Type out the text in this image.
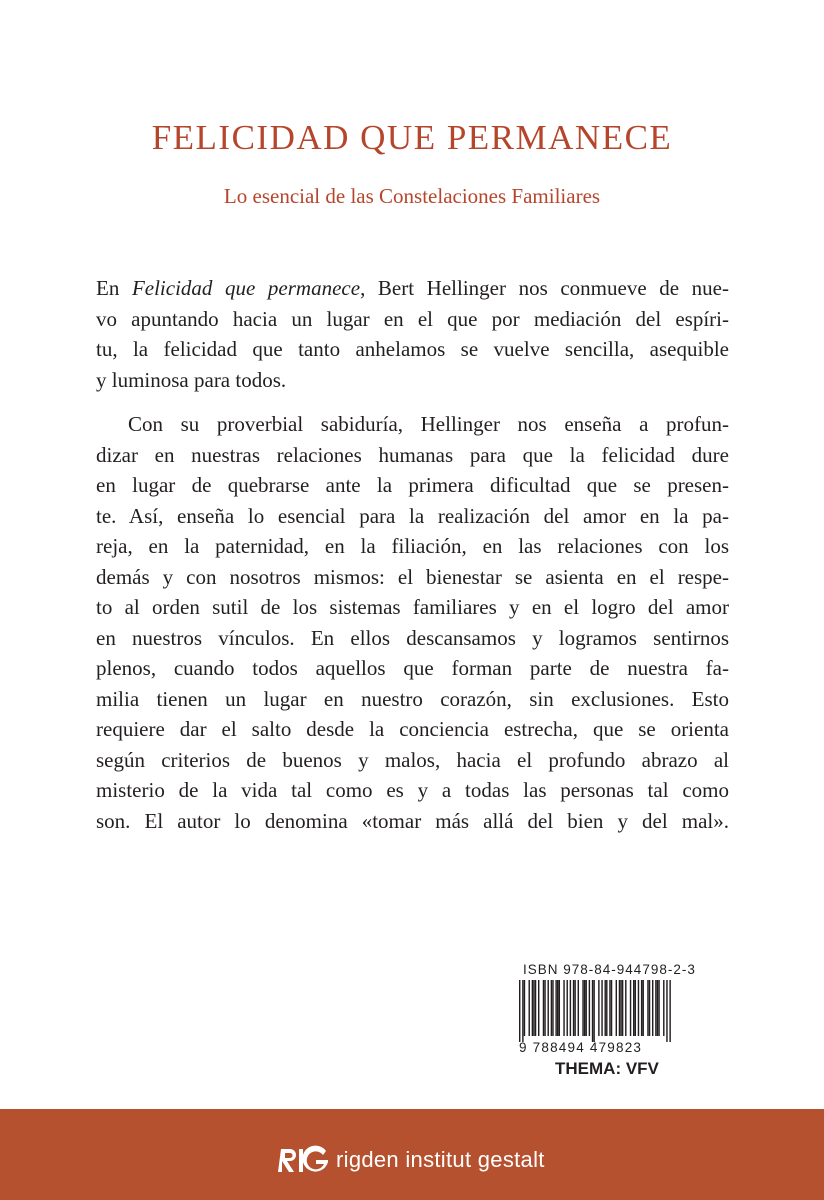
FELICIDAD QUE PERMANECE

Lo esencial de las Constelaciones Familiares

En Felicidad que permanece, Bert Hellinger nos conmueve de nue-
vo apuntando hacia un lugar en el que por mediación del espíri-
tu, la felicidad que tanto anhelamos se vuelve sencilla, asequible
y luminosa para todos.
Con su proverbial sabiduría, Hellinger nos enseña a profun-
dizar en nuestras relaciones humanas para que la felicidad dure
en lugar de quebrarse ante la primera dificultad que se presen-
te. Así, enseña lo esencial para la realización del amor en la pa-
reja, en la paternidad, en la filiación, en las relaciones con los
demás y con nosotros mismos: el bienestar se asienta en el respe-
to al orden sutil de los sistemas familiares y en el logro del amor
en nuestros vínculos. En ellos descansamos y logramos sentirnos
plenos, cuando todos aquellos que forman parte de nuestra fa-
milia tienen un lugar en nuestro corazón, sin exclusiones. Esto
requiere dar el salto desde la conciencia estrecha, que se orienta
según criterios de buenos y malos, hacia el profundo abrazo al
misterio de la vida tal como es y a todas las personas tal como
son. El autor lo denomina «tomar más allá del bien y del mal».
ISBN 978-84-944798-2-3
9 788494 479823
THEMA: VFV
rigden institut gestalt
